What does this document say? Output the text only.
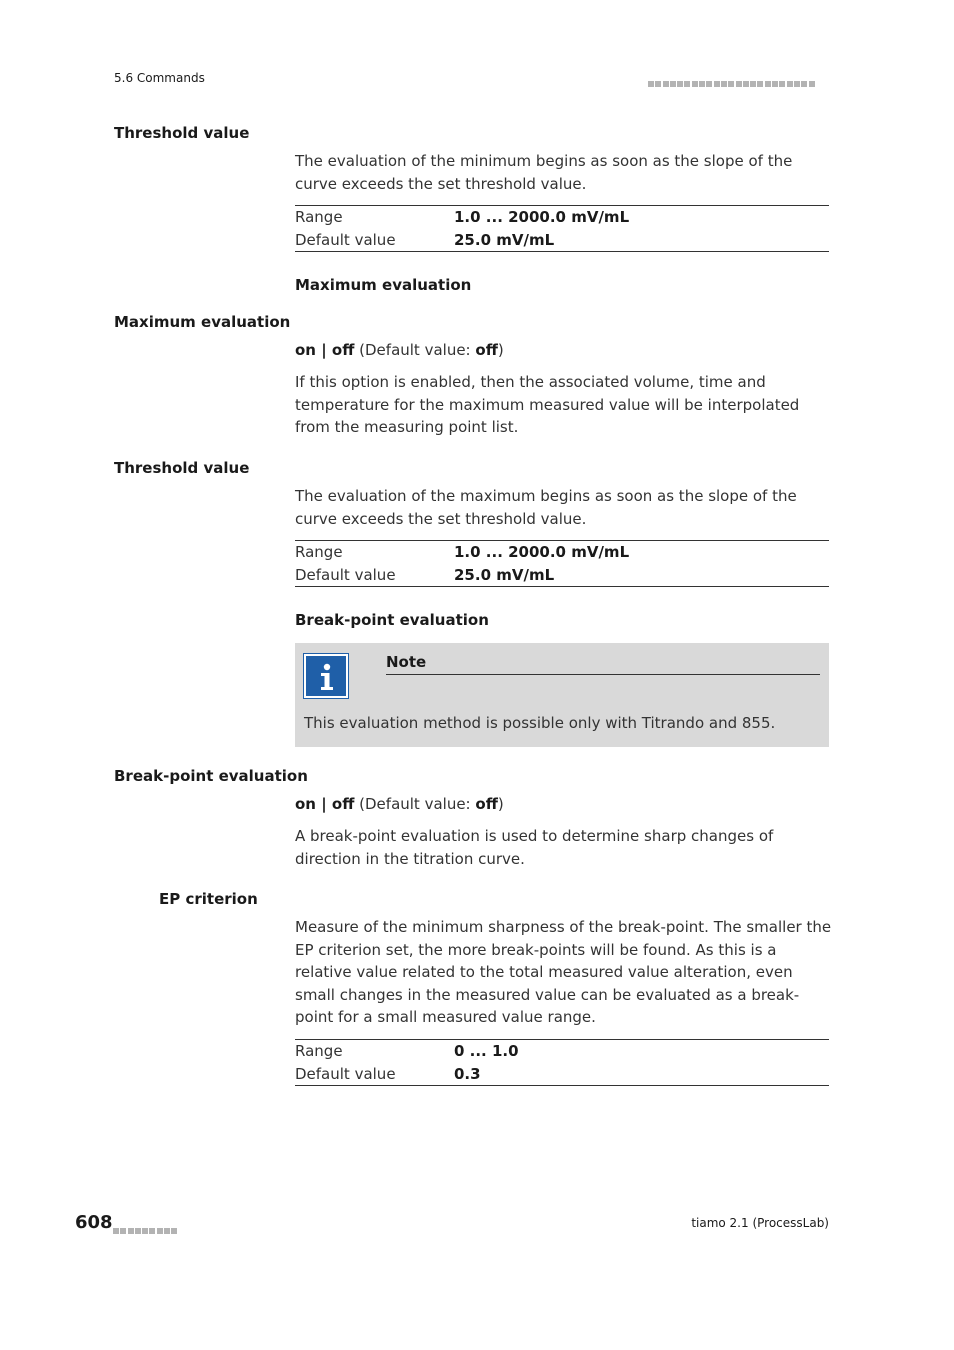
5.6 Commands
Threshold value
The evaluation of the minimum begins as soon as the slope of the curve exceeds the set threshold value.
Range	1.0 ... 2000.0 mV/mL
Default value	25.0 mV/mL
Maximum evaluation
Maximum evaluation
on | off (Default value: off)
If this option is enabled, then the associated volume, time and temperature for the maximum measured value will be interpolated from the measuring point list.
Threshold value
The evaluation of the maximum begins as soon as the slope of the curve exceeds the set threshold value.
Range	1.0 ... 2000.0 mV/mL
Default value	25.0 mV/mL
Break-point evaluation
Note
This evaluation method is possible only with Titrando and 855.
Break-point evaluation
on | off (Default value: off)
A break-point evaluation is used to determine sharp changes of direction in the titration curve.
EP criterion
Measure of the minimum sharpness of the break-point. The smaller the EP criterion set, the more break-points will be found. As this is a relative value related to the total measured value alteration, even small changes in the measured value can be evaluated as a break-point for a small measured value range.
Range	0 ... 1.0
Default value	0.3
608	tiamo 2.1 (ProcessLab)
